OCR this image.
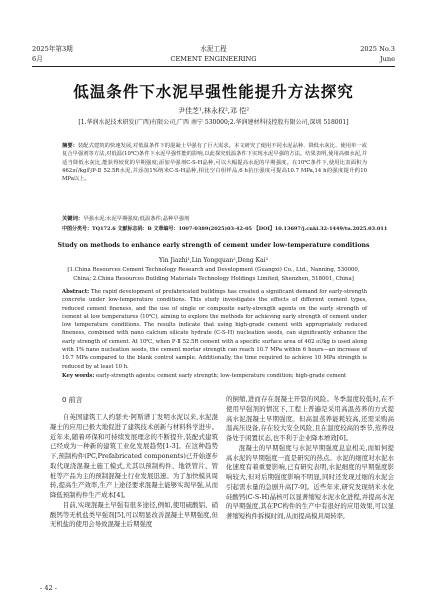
2025年第3期
6月
水泥工程
CEMENT ENGINEERING
2025 No.3
June
低温条件下水泥早强性能提升方法探究
尹佳芝¹,林永权²,邓 恺²
[1.华润水泥技术研发(广西)有限公司,广西 南宁 530000;2.华润建材科技控股有限公司,深圳 518001]

摘要：装配式建筑的快速发展,对低温条件下的混凝土早强有了巨大需求。本文研究了使用不同水泥品种、降低水灰比、使用单一或复合早强剂等方法,对低温(10℃)条件下水泥早强性能的影响,以此探究低温条件下实现水泥早强的方法。结果表明,使用高细水泥,并适当降低水灰比,能获得较优的早期强度;添加早强剂C-S-H晶种,可以大幅提高水泥的早期强度。在10℃条件下,使用比表面积为462㎡/kg的P·Ⅱ 52.5R水泥,并添加1%纳米C-S-H晶种,相比空白组样品,6 h抗压强度可提高10.7 MPa,14 h的强度提升约10 MPa以上。

关键词：早强水泥;水泥早期强度;低温条件;晶种早强剂

中图分类号：TQ172.6 文献标志码：B 文章编号：1007-0389(2025)03-42-05 【DOI】10.13697/j.cnki.32-1449/tu.2025.03.011

Study on methods to enhance early strength of cement under low-temperature conditions
Yin Jiazhi¹,Lin Yongquan²,Deng Kai²
[1.China Resources Cement Technology Research and Development (Guangxi) Co., Ltd., Nanning, 530000, China; 2.China Resources Building Materials Technology Holdings Limited, Shenzhen, 518001, China]

Abstract: The rapid development of prefabricated buildings has created a significant demand for early-strength concrete under low-temperature conditions. This study investigates the effects of different cement types, reduced cement fineness, and the use of single or composite early-strength agents on the early strength of cement at low temperatures (10℃), aiming to explore the methods for achieving early strength of cement under low temperature conditions. The results indicate that using high-grade cement with appropriately reduced fineness, combined with nano calcium silicate hydrate (C-S-H) nucleation seeds, can significantly enhance the early strength of cement. At 10℃, when P·Ⅱ 52.5R cement with a specific surface area of 462 ㎡/kg is used along with 1% nano nucleation seeds, the cement mortar strength can reach 10.7 MPa within 6 hours—an increase of 10.7 MPa compared to the blank control sample. Additionally, the time required to achieve 10 MPa strength is reduced by at least 10 h.

Key words: early-strength agents; cement early strength; low-temperature condition; high-grade cement

0 前言

自英国建筑工人约瑟夫·阿斯谱丁发明水泥以来,水泥混凝土的应用已极大地促进了建筑技术创新与材料科学进步。近年来,随着环保和可持续发展理念的不断提升,装配式建筑已经成为一种新的建筑工业化发展趋势[1-3]。在这种趋势下,预制构件(PC,Prefabricated components)已开始逐步取代现浇混凝土施工模式,尤其以预制构件、地铁管片、管桩等产品为主的预制混凝土行业发展迅速。为了加快模具周转,提高生产效率,生产上途径要求混凝土能够实现早强,从而降低预制构件生产成本[4]。

目前,实现混凝土早强有很多途径,例如,使用硫酸铝、硝酸钙等无机盐类早强剂[5],可以明显改善混凝土早期强度,但无机盐的使用会导致混凝土后期强度

的倒缩,进而存在混凝土开裂的风险。冬季温度较低时,在不使用早强剂的情况下,工程上普遍是采用高温蒸养的方式提高水泥混凝土早期强度。但高温蒸养能耗较高,还需采购高温高压设备,存在较大安全风险,且在温度较高的季节,蒸养设备处于闲置状态,也不利于企业降本增效[6]。

混凝土的早期强度与水泥早期强度息息相关,而如何提高水泥的早期强度一直是研究的热点。水泥的细度对水泥水化速度有着重要影响,已有研究表明,水泥细度的早期强度影响较大,但对后期强度影响不明显,同时还发现过细的水泥会引起需水量的急剧升高[7-9]。近些年来,研究发现纳米水化硅酸钙(C-S-H)晶核可以显著缩短水泥水化进程,并提高水泥的早期强度,其在PC构件的生产中有很好的应用效果,可以显著缩短构件拆模时间,从而提高模具周转率,

- 42 -
